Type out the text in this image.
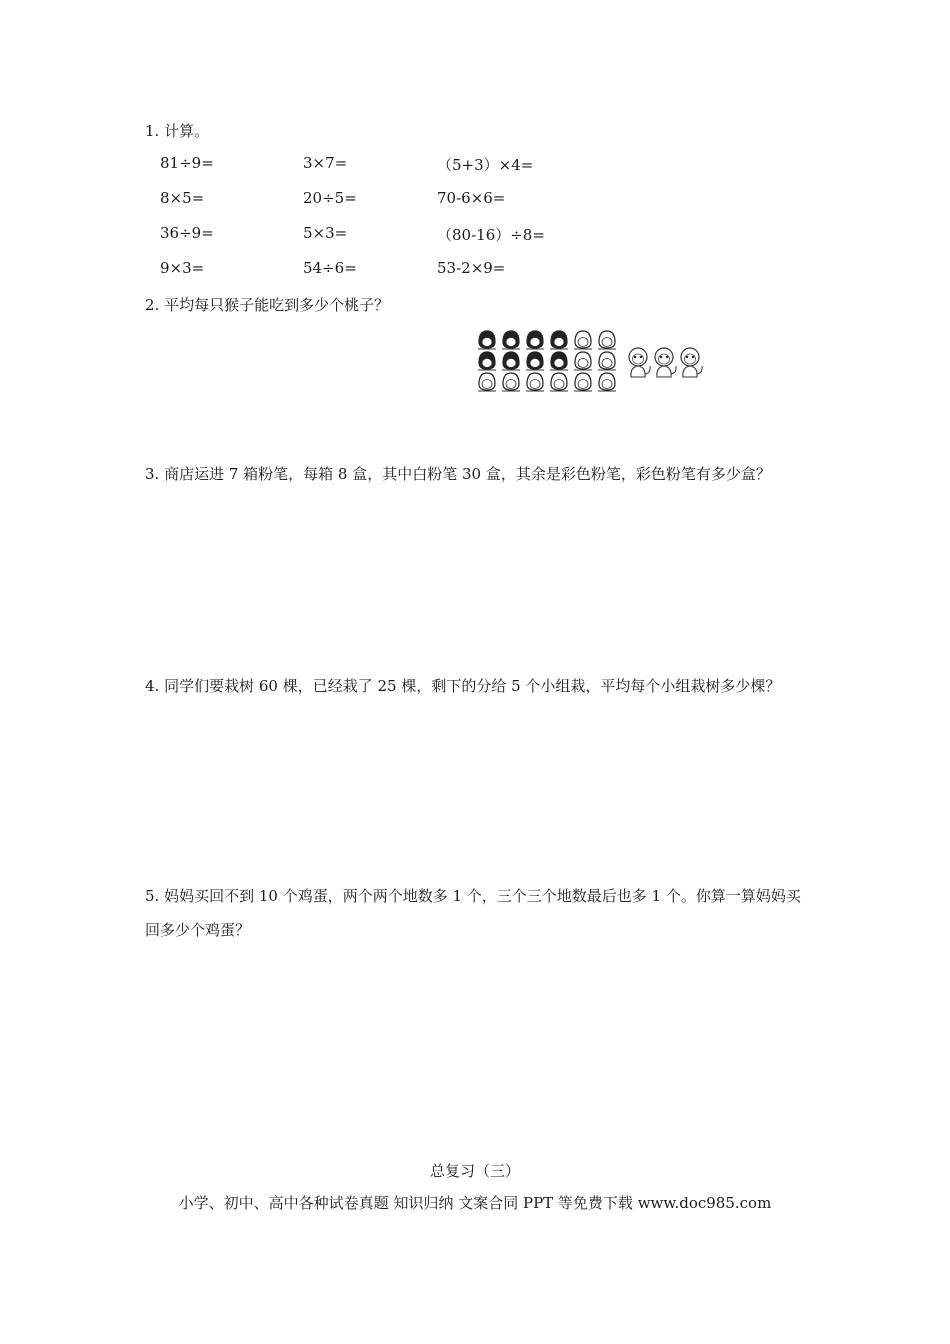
1. 计算。
81÷9=	3×7=	（5+3）×4=
8×5=	20÷5=	70-6×6=
36÷9=	5×3=	（80-16）÷8=
9×3=	54÷6=	53-2×9=
2. 平均每只猴子能吃到多少个桃子？
3. 商店运进 7 箱粉笔，每箱 8 盒，其中白粉笔 30 盒，其余是彩色粉笔，彩色粉笔有多少盒？
4. 同学们要栽树 60 棵，已经栽了 25 棵，剩下的分给 5 个小组栽，平均每个小组栽树多少棵？
5. 妈妈买回不到 10 个鸡蛋，两个两个地数多 1 个，三个三个地数最后也多 1 个。你算一算妈妈买回多少个鸡蛋？
总复习（三）
小学、初中、高中各种试卷真题 知识归纳 文案合同 PPT 等免费下载 www.doc985.com
